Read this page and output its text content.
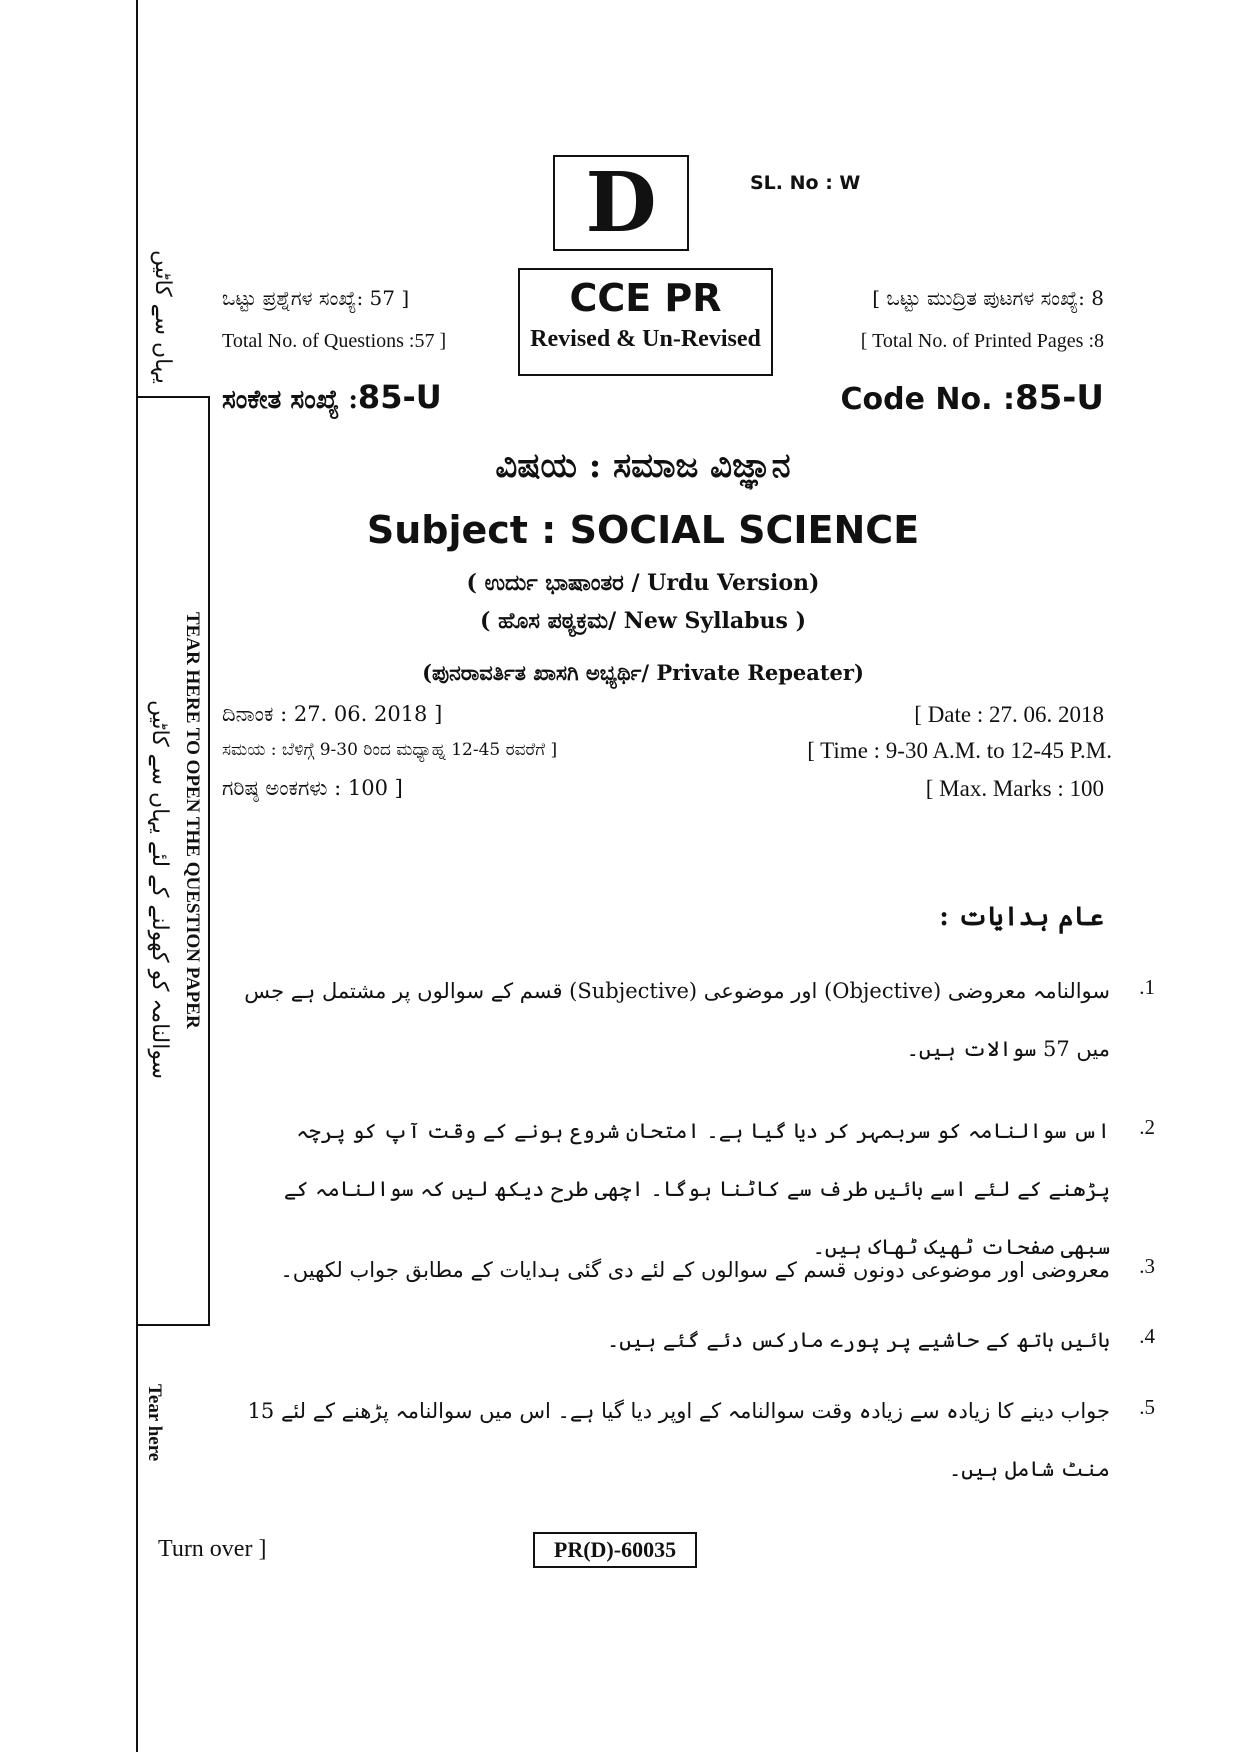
یہاں سے کاٹیں
TEAR HERE TO OPEN THE QUESTION PAPER
سوالنامہ کو کھولنے کے لئے یہاں سے کاٹیں
Tear here
D	SL. No : W
CCE PR
Revised & Un-Revised
ಒಟ್ಟು ಪ್ರಶ್ನೆಗಳ ಸಂಖ್ಯೆ: 57 ]
Total No. of Questions :57 ]
[ ಒಟ್ಟು ಮುದ್ರಿತ ಪುಟಗಳ ಸಂಖ್ಯೆ: 8
[ Total No. of Printed Pages :8
ಸಂಕೇತ ಸಂಖ್ಯೆ :85-U	Code No. :85-U
ವಿಷಯ : ಸಮಾಜ ವಿಜ್ಞಾನ
Subject : SOCIAL SCIENCE
( ಉರ್ದು ಭಾಷಾಂತರ / Urdu Version)
( ಹೊಸ ಪಠ್ಯಕ್ರಮ/ New Syllabus )
(ಪುನರಾವರ್ತಿತ ಖಾಸಗಿ ಅಭ್ಯರ್ಥಿ/ Private Repeater)
ದಿನಾಂಕ : 27. 06. 2018 ]	[ Date : 27. 06. 2018
ಸಮಯ : ಬೆಳಿಗ್ಗೆ 9-30 ರಿಂದ ಮಧ್ಯಾಹ್ನ 12-45 ರವರೆಗೆ ]	[ Time : 9-30 A.M. to 12-45 P.M.
ಗರಿಷ್ಠ ಅಂಕಗಳು : 100 ]	[ Max. Marks : 100
عام ہدایات :
.1
سوالنامہ معروضی (Objective) اور موضوعی (Subjective) قسم کے سوالوں پر مشتمل ہے جس میں 57 سوالات ہیں۔
.2
اس سوالنامہ کو سربمہر کر دیا گیا ہے۔ امتحان شروع ہونے کے وقت آپ کو پرچہ پڑھنے کے لئے اسے بائیں طرف سے کاٹنا ہوگا۔ اچھی طرح دیکھ لیں کہ سوالنامہ کے سبھی صفحات ٹھیک ٹھاک ہیں۔
.3
معروضی اور موضوعی دونوں قسم کے سوالوں کے لئے دی گئی ہدایات کے مطابق جواب لکھیں۔
.4
بائیں ہاتھ کے حاشیے پر پورے مارکس دئے گئے ہیں۔
.5
جواب دینے کا زیادہ سے زیادہ وقت سوالنامہ کے اوپر دیا گیا ہے۔ اس میں سوالنامہ پڑھنے کے لئے 15 منٹ شامل ہیں۔
Turn over ]	PR(D)-60035
